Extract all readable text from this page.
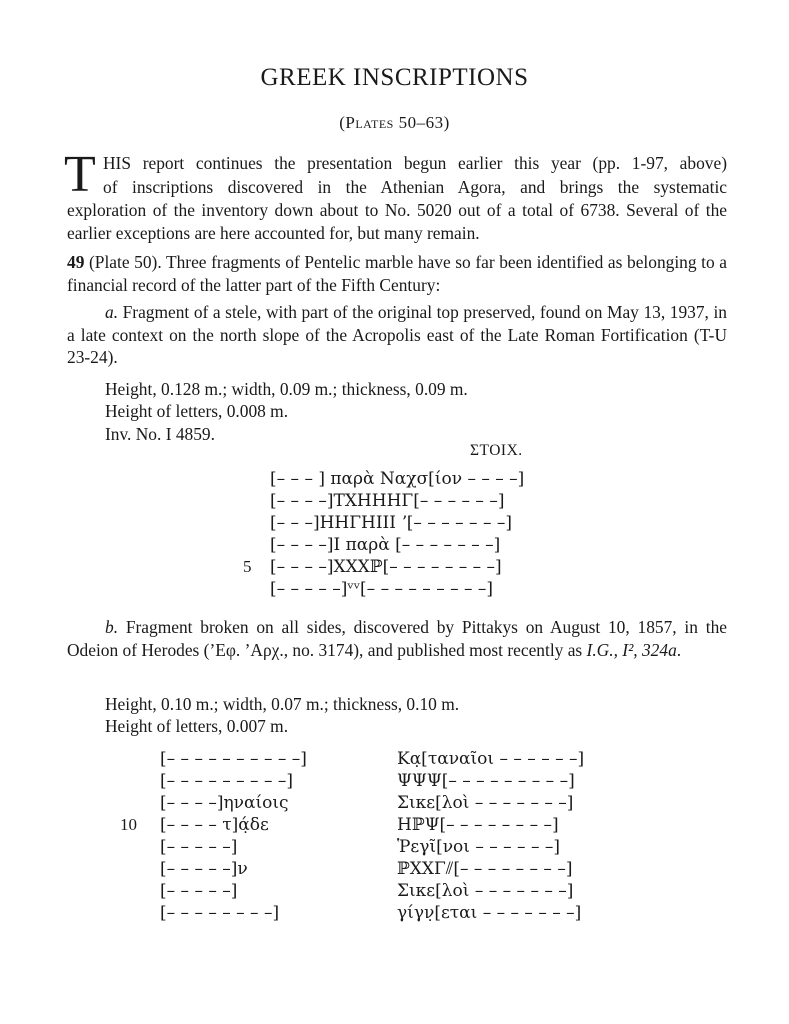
GREEK INSCRIPTIONS
(Plates 50–63)
T HIS report continues the presentation begun earlier this year (pp. 1-97, above)
of inscriptions discovered in the Athenian Agora, and brings the systematic
exploration of the inventory down about to No. 5020 out of a total of 6738. Several of the earlier exceptions are here accounted for, but many remain.
49 (Plate 50). Three fragments of Pentelic marble have so far been identified as belonging to a financial record of the latter part of the Fifth Century:
a. Fragment of a stele, with part of the original top preserved, found on May 13, 1937, in a late context on the north slope of the Acropolis east of the Late Roman Fortification (T-U 23-24).
Height, 0.128 m.; width, 0.09 m.; thickness, 0.09 m.
Height of letters, 0.008 m.
Inv. No. I 4859.
ΣΤΟΙΧ.
[– – – ] παρὰ Ναχσ[ίον – – – –]
[– – – –]ΤΧΗΗΗΓ[– – – – – –]
[– – –]ΗΗΓΗΙΙΙ ʼ[– – – – – – –]
[– – – –]Ι παρὰ [– – – – – – –]
5 [– – – –]ΧΧΧℙ[– – – – – – – –]
[– – – – –]ᵛᵛ[– – – – – – – – –]
b. Fragment broken on all sides, discovered by Pittakys on August 10, 1857, in the Odeion of Herodes (’Εφ. ’Αρχ., no. 3174), and published most recently as I.G., I², 324a.
Height, 0.10 m.; width, 0.07 m.; thickness, 0.10 m.
Height of letters, 0.007 m.
[– – – – – – – – – –]
[– – – – – – – – –]
[– – – –]ηναίοις
10 [– – – – τ]ά̣δε
[– – – – –]
[– – – – –]ν
[– – – – –]
[– – – – – – – –]
Κα̣[ταναῖοι – – – – – –]
ΨΨΨ[– – – – – – – – –]
Σικε[λοὶ – – – – – – –]
ΗℙΨ[– – – – – – – –]
Ῥεγῖ[νοι – – – – – –]
ℙΧΧΓ⫽[– – – – – – – –]
Σικε[λοὶ – – – – – – –]
γίγν̣[εται – – – – – – –]
